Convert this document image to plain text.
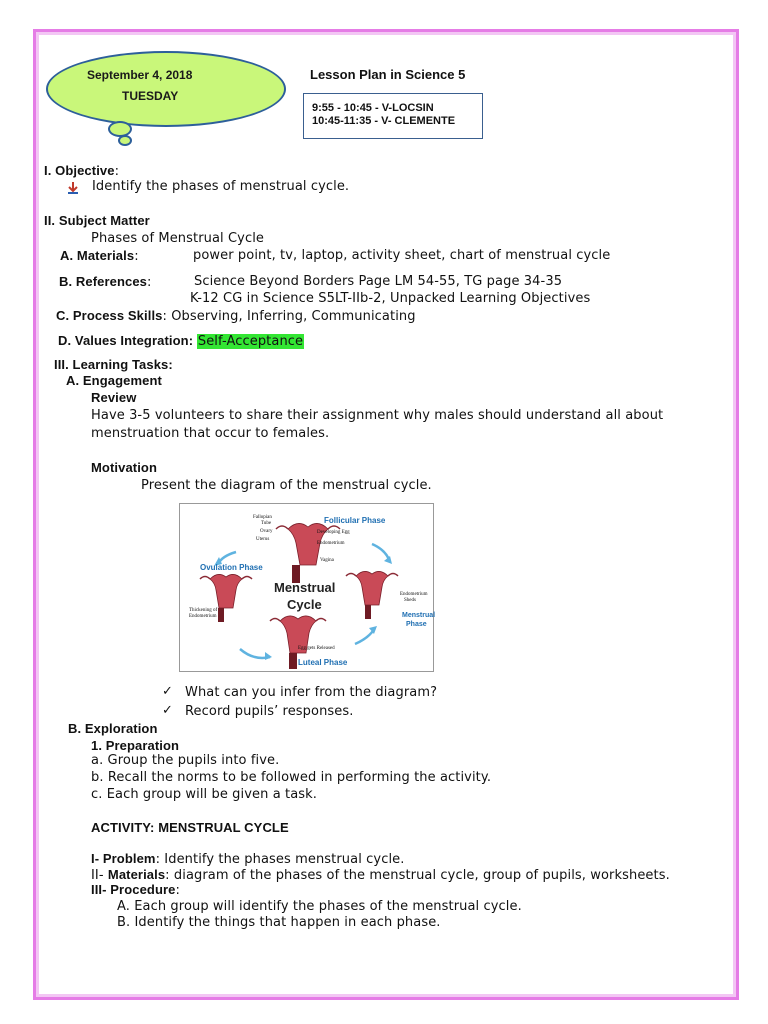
September 4, 2018
TUESDAY
Lesson Plan in Science 5
9:55 - 10:45 - V-LOCSIN
10:45-11:35 - V- CLEMENTE
I. Objective:
Identify the phases of menstrual cycle.
II. Subject Matter
Phases of Menstrual Cycle
A. Materials:	power point, tv, laptop, activity sheet, chart of menstrual cycle
B. References:	Science Beyond Borders Page LM 54-55, TG page 34-35
K-12 CG in Science S5LT-IIb-2, Unpacked Learning Objectives
C. Process Skills: Observing, Inferring, Communicating
D. Values Integration: Self-Acceptance
III. Learning Tasks:
A. Engagement
Review
Have 3-5 volunteers to share their assignment why males should understand all about
menstruation that occur to females.
Motivation
Present the diagram of the menstrual cycle.
Follicular Phase
Ovulation Phase
Menstrual
Phase
Menstrual
Cycle
Luteal Phase
Fallopian
Tube
Ovary
Uterus
Developing Egg
Endometrium
Vagina
Thickening of
Endometrium
Endometrium
Sheds
Egg gets Released
✓ What can you infer from the diagram?
✓ Record pupils’ responses.
B. Exploration
1. Preparation
a. Group the pupils into five.
b. Recall the norms to be followed in performing the activity.
c. Each group will be given a task.
ACTIVITY: MENSTRUAL CYCLE
I- Problem: Identify the phases menstrual cycle.
II- Materials: diagram of the phases of the menstrual cycle, group of pupils, worksheets.
III- Procedure:
A. Each group will identify the phases of the menstrual cycle.
B. Identify the things that happen in each phase.
